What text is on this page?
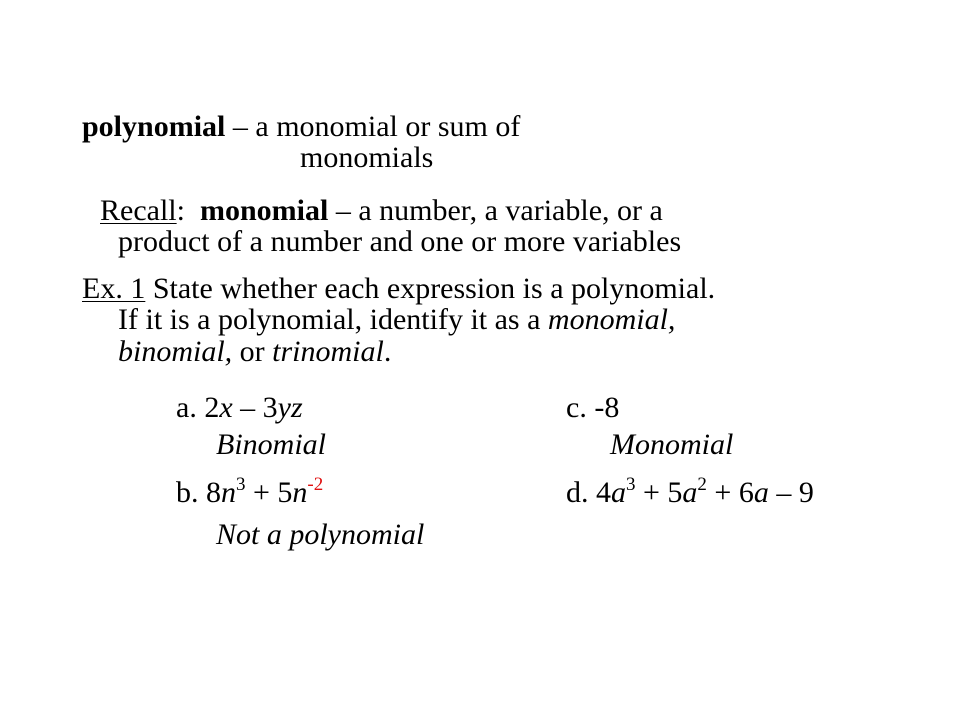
polynomial – a monomial or sum of
monomials
Recall: monomial – a number, a variable, or a
product of a number and one or more variables
Ex. 1 State whether each expression is a polynomial.
If it is a polynomial, identify it as a monomial,
binomial, or trinomial.
a. 2x – 3yz
Binomial
b. $8n^3 + 5n^{-2}$
Not a polynomial
c. -8
Monomial
d. $4a^3 + 5a^2 + 6a - 9$
